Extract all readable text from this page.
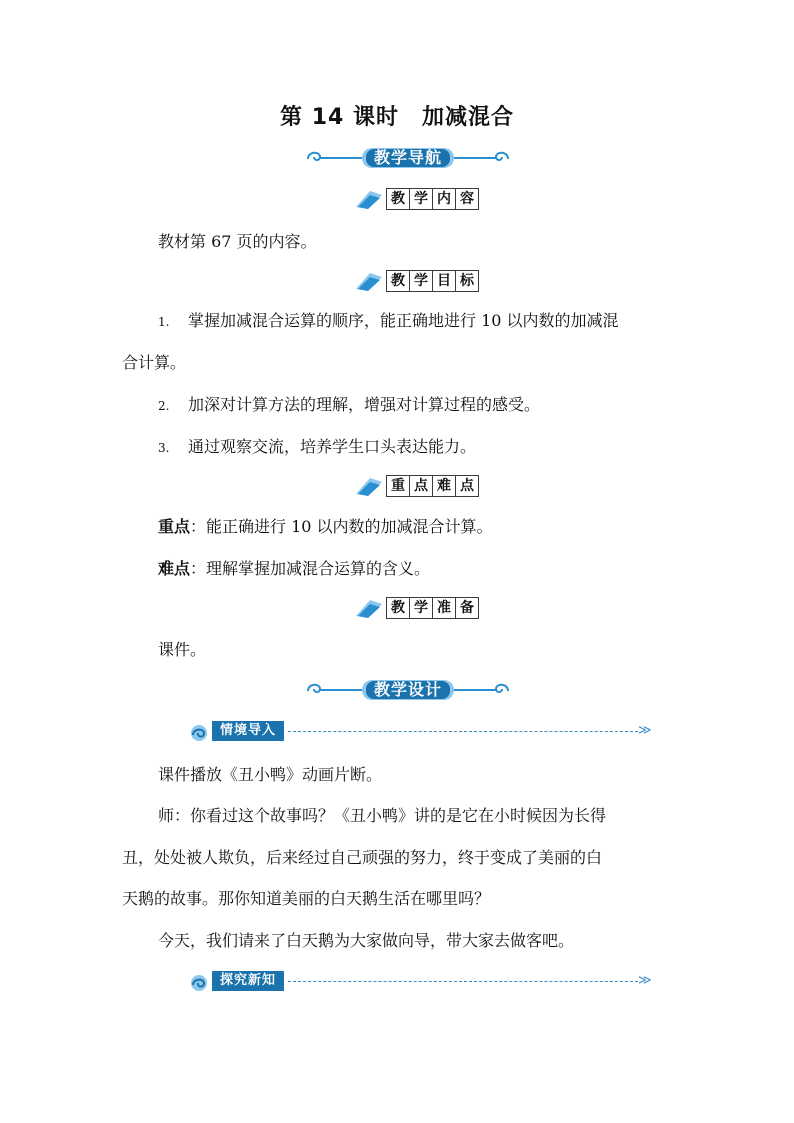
第 14 课时　加减混合
教学导航
教 学 内 容
教材第 67 页的内容。
教 学 目 标
1. 掌握加减混合运算的顺序，能正确地进行 10 以内数的加减混
合计算。
2. 加深对计算方法的理解，增强对计算过程的感受。
3. 通过观察交流，培养学生口头表达能力。
重 点 难 点
重点：能正确进行 10 以内数的加减混合计算。
难点：理解掌握加减混合运算的含义。
教 学 准 备
课件。
教学设计
情境导入	≫
课件播放《丑小鸭》动画片断。
师：你看过这个故事吗？《丑小鸭》讲的是它在小时候因为长得
丑，处处被人欺负，后来经过自己顽强的努力，终于变成了美丽的白
天鹅的故事。那你知道美丽的白天鹅生活在哪里吗？
今天，我们请来了白天鹅为大家做向导，带大家去做客吧。
探究新知	≫
